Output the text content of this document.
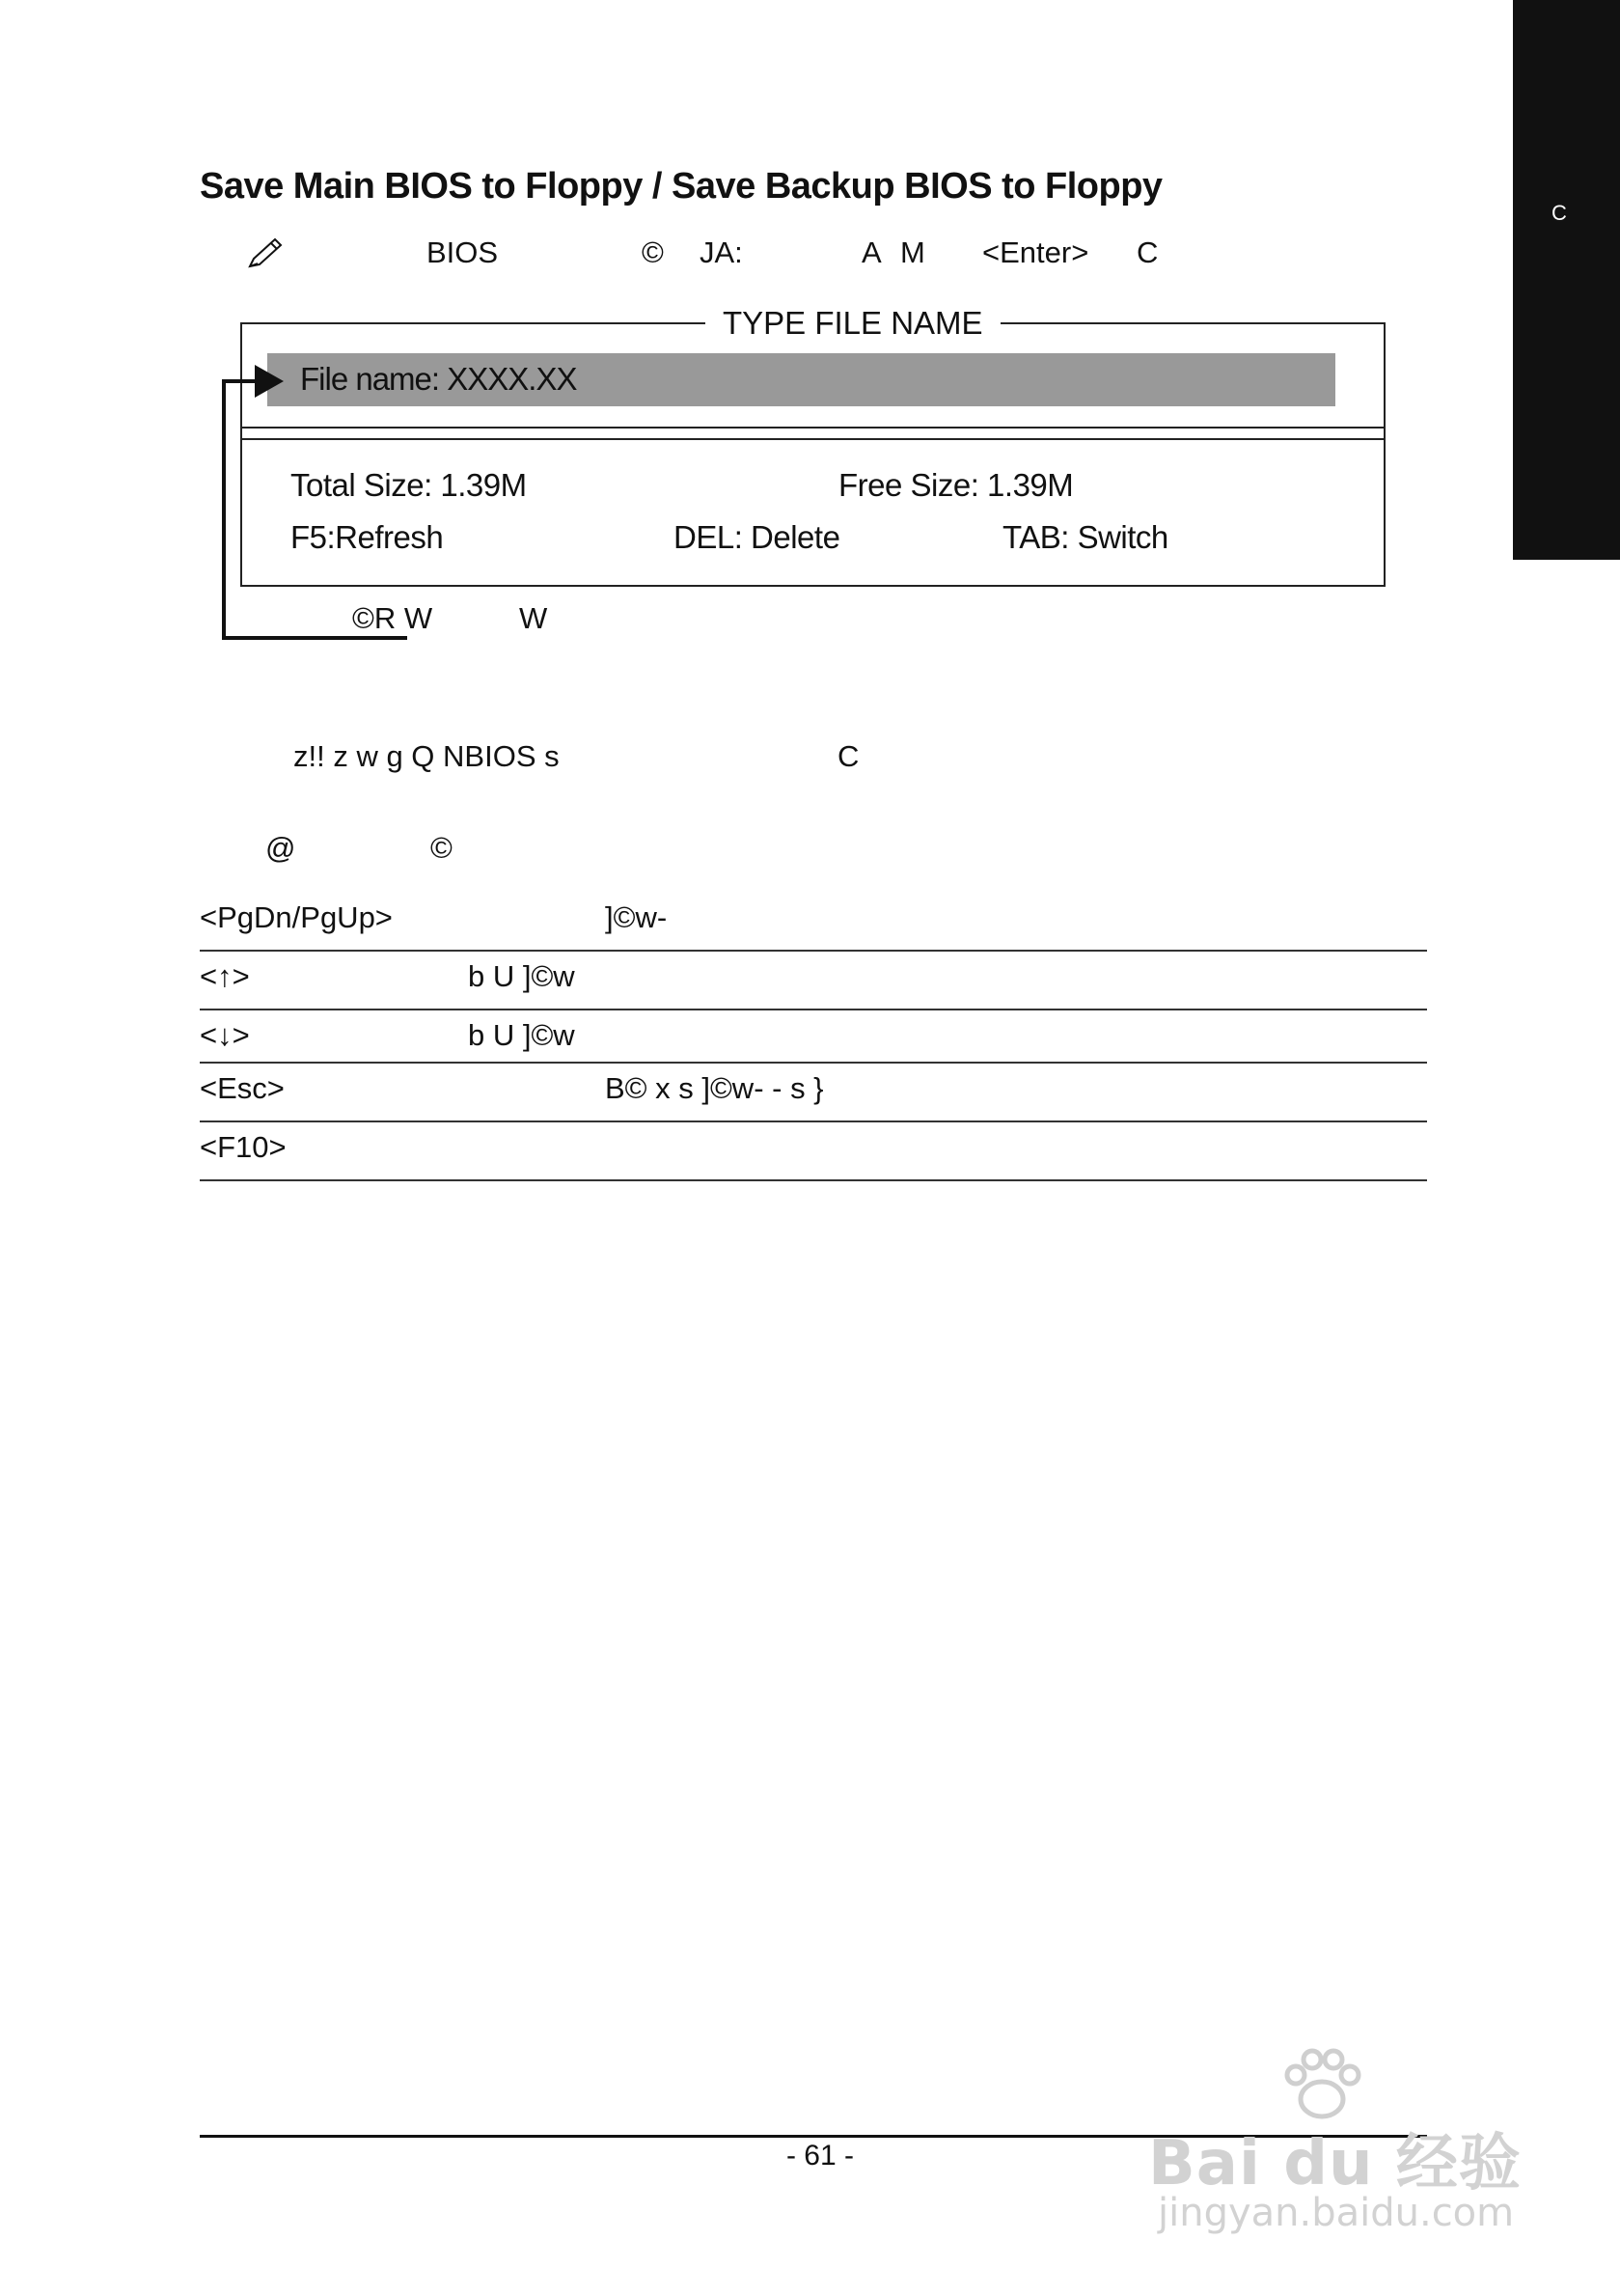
C
Save Main BIOS to Floppy / Save Backup BIOS to Floppy
BIOS	© JA:	A M <Enter> C
TYPE FILE NAME
File name: XXXX.XX
Total Size: 1.39M	Free Size: 1.39M
F5:Refresh	DEL: Delete	TAB: Switch
©R W	W
z!! z w g Q NBIOS s	C
@	©
<PgDn/PgUp>	]©w-
<↑>	b U ]©w
<↓>	b U ]©w
<Esc>	B© x s ]©w- - s }
<F10>
- 61 -	Bai du 经验
jingyan.baidu.com
